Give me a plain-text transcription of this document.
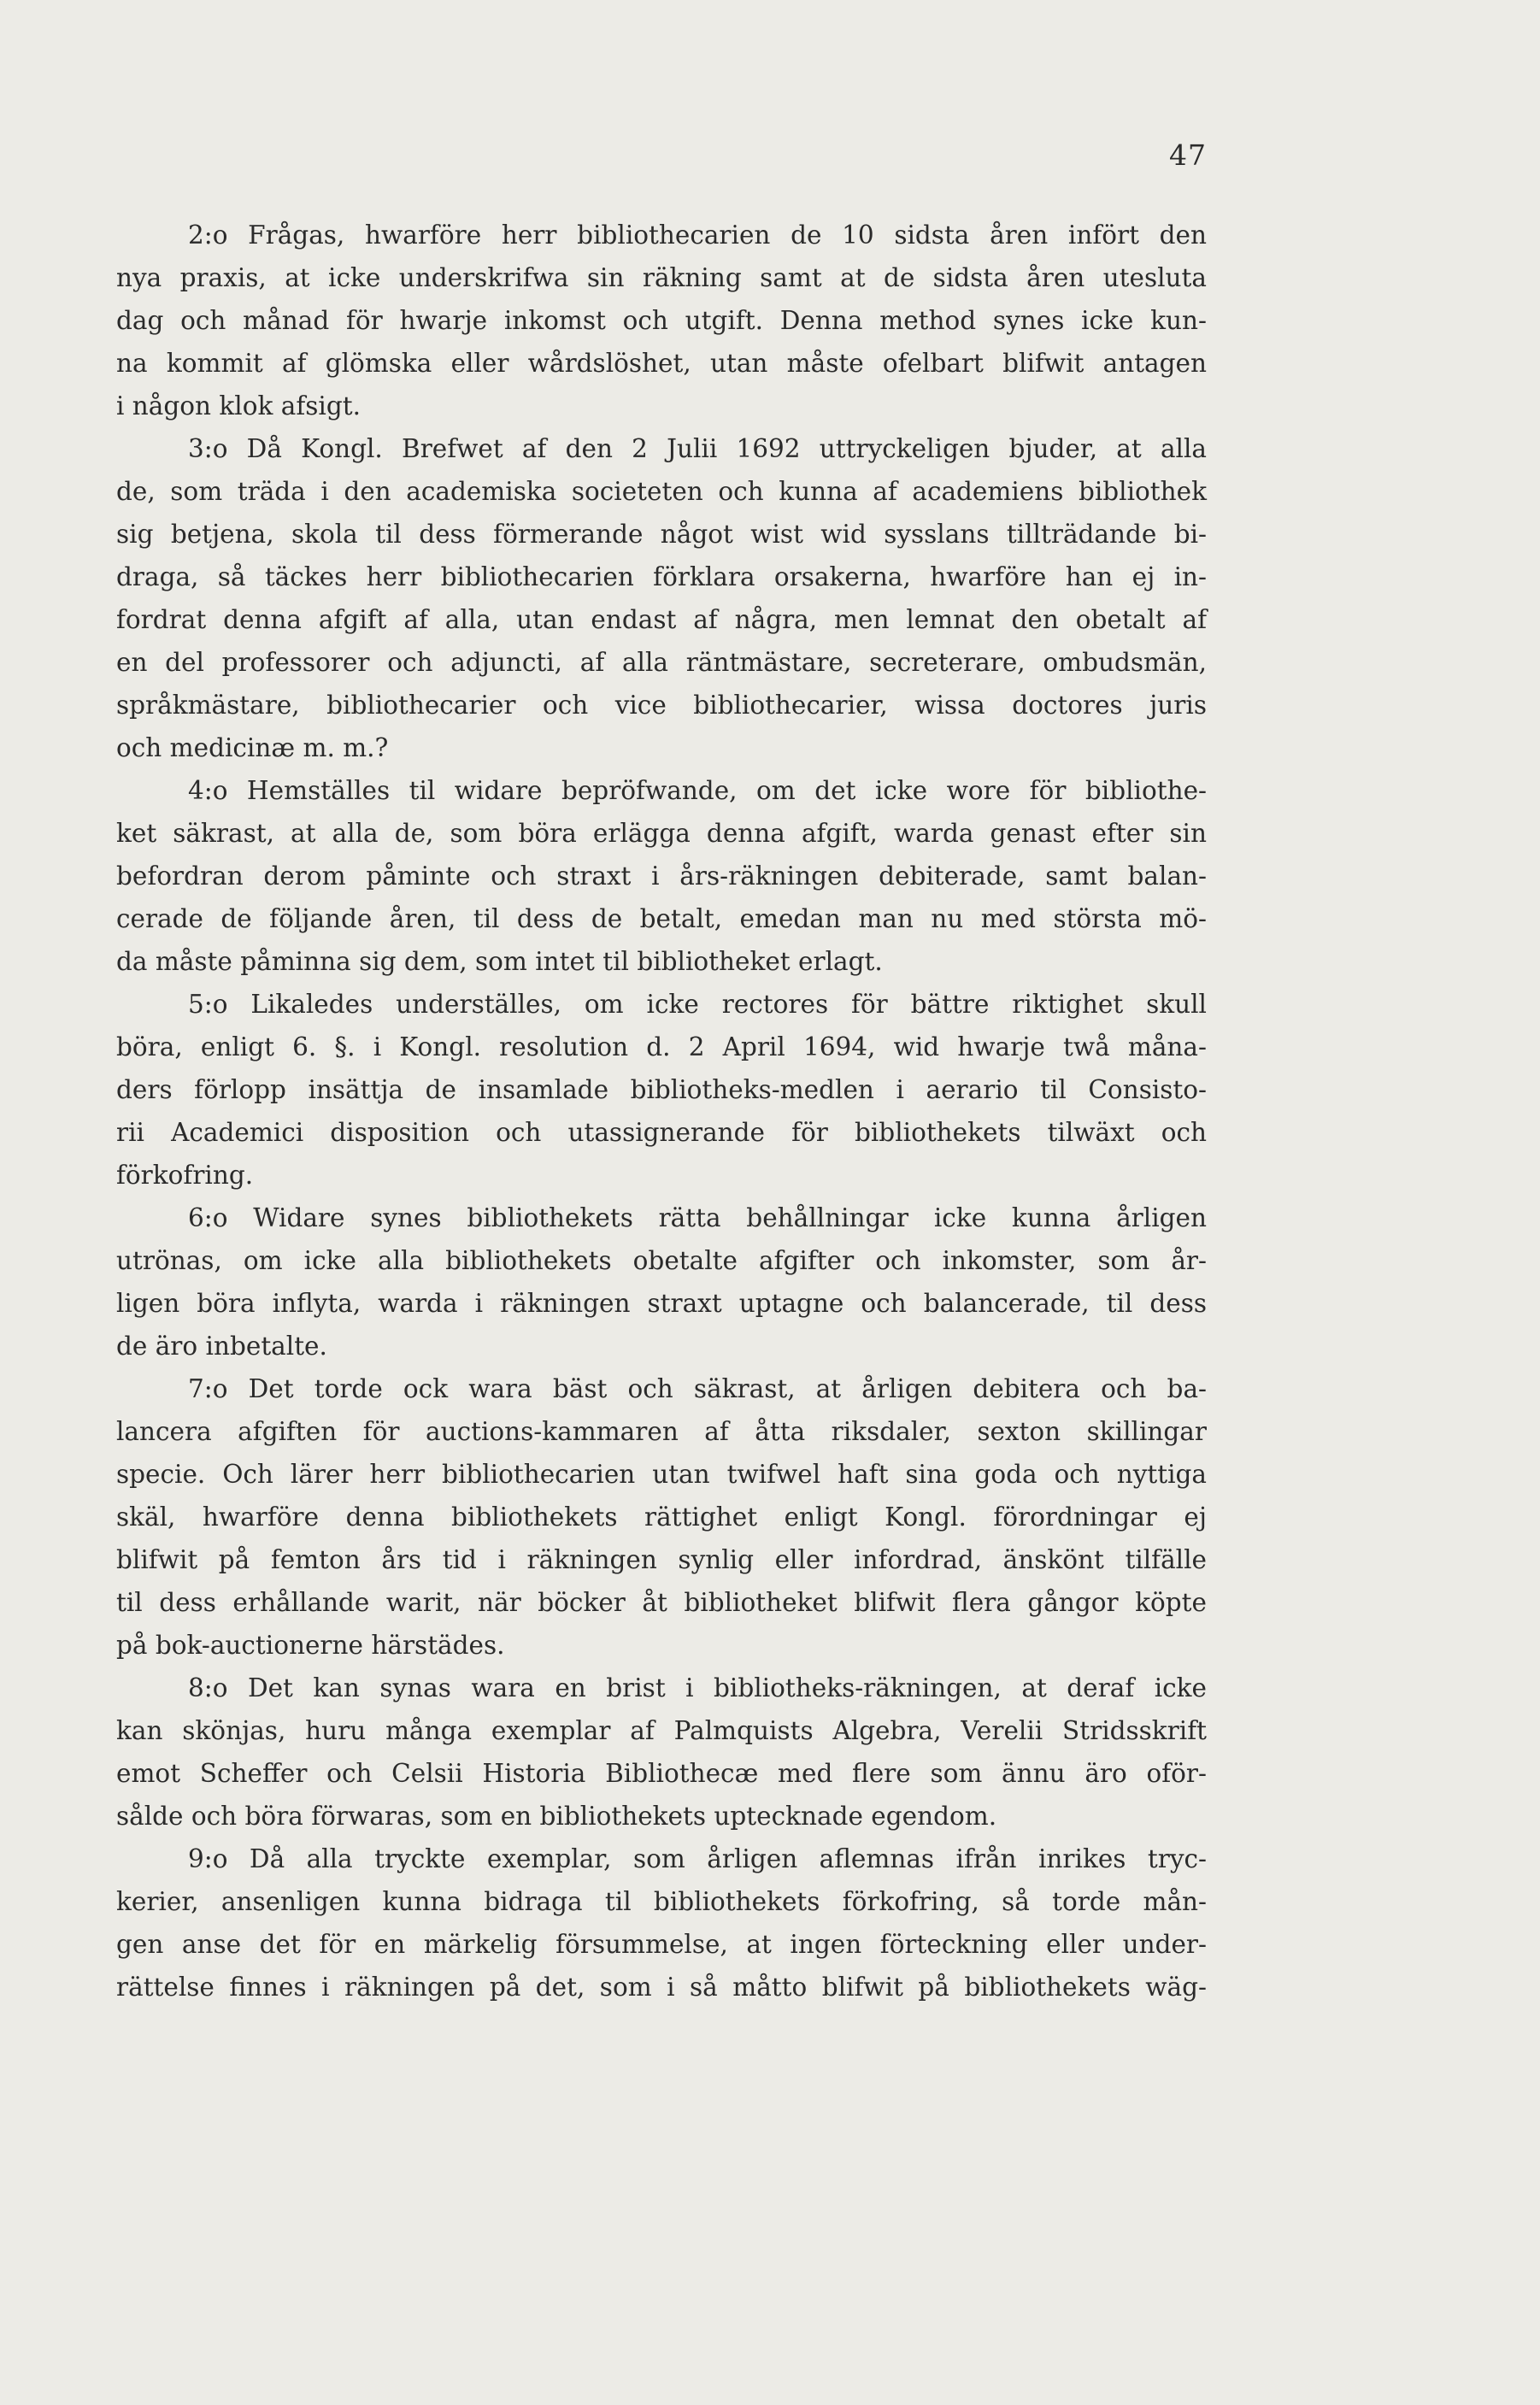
47
2:o Frågas, hwarföre herr bibliothecarien de 10 sidsta åren infört den
nya praxis, at icke underskrifwa sin räkning samt at de sidsta åren utesluta
dag och månad för hwarje inkomst och utgift. Denna method synes icke kun-
na kommit af glömska eller wårdslöshet, utan måste ofelbart blifwit antagen
i någon klok afsigt.
3:o Då Kongl. Brefwet af den 2 Julii 1692 uttryckeligen bjuder, at alla
de, som träda i den academiska societeten och kunna af academiens bibliothek
sig betjena, skola til dess förmerande något wist wid sysslans tillträdande bi-
draga, så täckes herr bibliothecarien förklara orsakerna, hwarföre han ej in-
fordrat denna afgift af alla, utan endast af några, men lemnat den obetalt af
en del professorer och adjuncti, af alla räntmästare, secreterare, ombudsmän,
språkmästare, bibliothecarier och vice bibliothecarier, wissa doctores juris
och medicinæ m. m.?
4:o Hemställes til widare bepröfwande, om det icke wore för bibliothe-
ket säkrast, at alla de, som böra erlägga denna afgift, warda genast efter sin
befordran derom påminte och straxt i års-räkningen debiterade, samt balan-
cerade de följande åren, til dess de betalt, emedan man nu med största mö-
da måste påminna sig dem, som intet til bibliotheket erlagt.
5:o Likaledes underställes, om icke rectores för bättre riktighet skull
böra, enligt 6. §. i Kongl. resolution d. 2 April 1694, wid hwarje twå måna-
ders förlopp insättja de insamlade bibliotheks-medlen i aerario til Consisto-
rii Academici disposition och utassignerande för bibliothekets tilwäxt och
förkofring.
6:o Widare synes bibliothekets rätta behållningar icke kunna årligen
utrönas, om icke alla bibliothekets obetalte afgifter och inkomster, som år-
ligen böra inflyta, warda i räkningen straxt uptagne och balancerade, til dess
de äro inbetalte.
7:o Det torde ock wara bäst och säkrast, at årligen debitera och ba-
lancera afgiften för auctions-kammaren af åtta riksdaler, sexton skillingar
specie. Och lärer herr bibliothecarien utan twifwel haft sina goda och nyttiga
skäl, hwarföre denna bibliothekets rättighet enligt Kongl. förordningar ej
blifwit på femton års tid i räkningen synlig eller infordrad, änskönt tilfälle
til dess erhållande warit, när böcker åt bibliotheket blifwit flera gångor köpte
på bok-auctionerne härstädes.
8:o Det kan synas wara en brist i bibliotheks-räkningen, at deraf icke
kan skönjas, huru många exemplar af Palmquists Algebra, Verelii Stridsskrift
emot Scheffer och Celsii Historia Bibliothecæ med flere som ännu äro oför-
sålde och böra förwaras, som en bibliothekets uptecknade egendom.
9:o Då alla tryckte exemplar, som årligen aflemnas ifrån inrikes tryc-
kerier, ansenligen kunna bidraga til bibliothekets förkofring, så torde mån-
gen anse det för en märkelig försummelse, at ingen förteckning eller under-
rättelse finnes i räkningen på det, som i så måtto blifwit på bibliothekets wäg-
